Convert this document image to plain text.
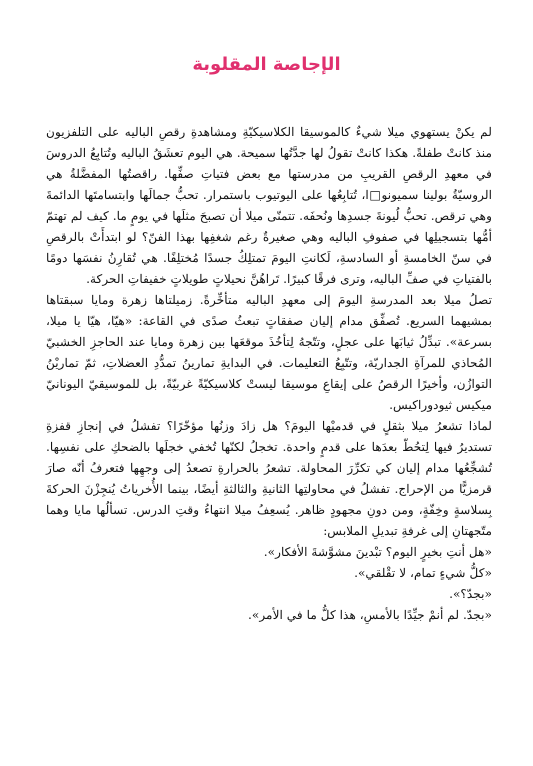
الإجاصة المقلوبة

لم يكنْ يستهوي ميلا شيءٌ كالموسيقا الكلاسيكيّةِ ومشاهدةِ رقصِ الباليه على التلفزيون منذ كانتْ طفلةً. هكذا كانتْ تقولُ لها جدَّتُها سميحة. هي اليوم تعشَقُ الباليه وتُتابِعُ الدروسَ في معهدِ الرقصِ القريبِ من مدرستها مع بعض فتياتِ صفِّها. راقصتُها المفضَّلةُ هي الروسيّةُ بولينا سميونو□ا، تُتابِعُها على اليوتيوب باستمرار. تحبُّ جمالَها وابتسامتَها الدائمةَ وهي ترقص. تحبُّ لُيونةَ جسدِها ونُحفَه. تتمنّى ميلا أن تصبحَ مثلَها في يومٍ ما. كيف لم تهتمّ أمُّها بتسجيلِها في صفوفِ الباليه وهي صغيرةٌ رغم شغفِها بهذا الفنّ؟ لو ابتدأَتْ بالرقصِ في سنّ الخامسةِ أو السادسةِ، لَكانتِ اليومَ تمتلِكُ جسدًا مُختلِفًا. هي تُقارِنُ نفسَها دومًا بالفتياتِ في صفِّ الباليه، وترى فرقًا كبيرًا. تَراهُنَّ نحيلاتٍ طويلاتٍ خفيفاتِ الحركة.

تصلُ ميلا بعد المدرسةِ اليومَ إلى معهدِ الباليه متأخِّرةً. زميلتاها زهرة ومايا سبقتاها بمشيهما السريع. تُصفِّق مدام إليان صفقاتٍ تبعثُ صدًى في القاعة: «هيّا، هيّا يا ميلا، بسرعة». تبدِّلُ ثيابَها على عجلٍ، وتتّجهُ لِتأخُذَ موقعَها بين زهرة ومايا عند الحاجزِ الخشبيّ المُحاذي للمرآةِ الجداريّة، وتتّبِعُ التعليمات. في البدايةِ تمارينُ تمدُّدِ العضلاتِ، ثمّ تماريْنُ التوازُن، وأخيرًا الرقصُ على إيقاعِ موسيقا ليستْ كلاسيكيّةً غربيّةً، بل للموسيقيّ اليونانيّ ميكيس ثيودوراكيس.

لماذا تشعرُ ميلا بثقلٍ في قدميْها اليومَ؟ هل زادَ وزنُها مؤخّرًا؟ تفشلُ في إنجازِ قفزةِ تستديرُ فيها لِتحُطّ بعدَها على قدمٍ واحدة. تخجلُ لكنّها تُخفي خجلَها بالضحكِ على نفسِها. تُشجِّعُها مدام إليان كي تكرِّرَ المحاولة. تشعرُ بالحرارةِ تصعدُ إلى وجهِها فتعرفُ أنّه صارَ قرمزيًّا من الإحراج. تفشلُ في محاولتِها الثانيةِ والثالثةِ أيضًا، بينما الأُخرياتُ يُنجِزْنَ الحركةَ بِسلاسةٍ وخِفّةٍ، ومن دونِ مجهودٍ ظاهر. يُسعِفُ ميلا انتهاءُ وقتِ الدرس. تسألُها مايا وهما متّجهتانِ إلى غرفةِ تبديلِ الملابس:

«هل أنتِ بخيرٍ اليوم؟ تبْدينَ مشوَّشةَ الأفكار».

«كلُّ شيءٍ تمام، لا تقْلقي».

«بجدّ؟».

«بجدّ. لم أنمْ جيِّدًا بالأمسِ، هذا كلُّ ما في الأمر».
